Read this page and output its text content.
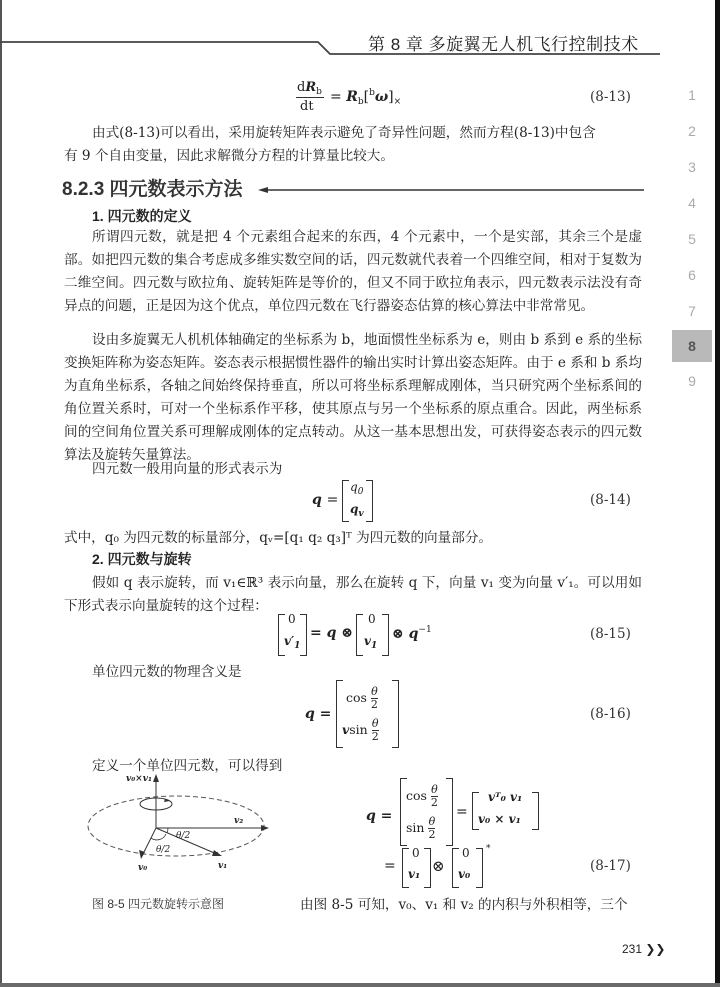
第 8 章 多旋翼无人机飞行控制技术
1
2
3
4
5
6
7
8
9
$dR_b$
dt
= $R_b[^b\omega]_\times$	(8-13)
由式(8-13)可以看出，采用旋转矩阵表示避免了奇异性问题，然而方程(8-13)中包含
有 9 个自由变量，因此求解微分方程的计算量比较大。
8.2.3 四元数表示方法
1. 四元数的定义
所谓四元数，就是把 4 个元素组合起来的东西，4 个元素中，一个是实部，其余三个是虚部。如把四元数的集合考虑成多维实数空间的话，四元数就代表着一个四维空间，相对于复数为二维空间。四元数与欧拉角、旋转矩阵是等价的，但又不同于欧拉角表示，四元数表示法没有奇异点的问题，正是因为这个优点，单位四元数在飞行器姿态估算的核心算法中非常常见。
设由多旋翼无人机机体轴确定的坐标系为 b，地面惯性坐标系为 e，则由 b 系到 e 系的坐标变换矩阵称为姿态矩阵。姿态表示根据惯性器件的输出实时计算出姿态矩阵。由于 e 系和 b 系均为直角坐标系，各轴之间始终保持垂直，所以可将坐标系理解成刚体，当只研究两个坐标系间的角位置关系时，可对一个坐标系作平移，使其原点与另一个坐标系的原点重合。因此，两坐标系间的空间角位置关系可理解成刚体的定点转动。从这一基本思想出发，可获得姿态表示的四元数算法及旋转矢量算法。
四元数一般用向量的形式表示为
q =
$q_0$
$q_v$
(8-14)
式中，q₀ 为四元数的标量部分，qᵥ=[q₁ q₂ q₃]ᵀ 为四元数的向量部分。
2. 四元数与旋转
假如 q 表示旋转，而 v₁∈ℝ³ 表示向量，那么在旋转 q 下，向量 v₁ 变为向量 v′₁。可以用如下形式表示向量旋转的这个过程：
0
$v'_1$
= q ⊗
0
$v_1$
⊗ $q^{-1}$	(8-15)
单位四元数的物理含义是
q =
$\cos \frac{\theta}{2}$
vsin $\frac{\theta}{2}$
(8-16)
定义一个单位四元数，可以得到
v₀×v₁
v₂
θ/2
θ/2
v₀	v₁
图 8-5 四元数旋转示意图
q =
$\cos \frac{\theta}{2}$
$\sin \frac{\theta}{2}$
=
vᵀ₀ v₁
v₀ × v₁
=
0
v₁ ⊗
0
v₀
*
(8-17)
由图 8-5 可知，v₀、v₁ 和 v₂ 的内积与外积相等，三个
231 ❯❯
